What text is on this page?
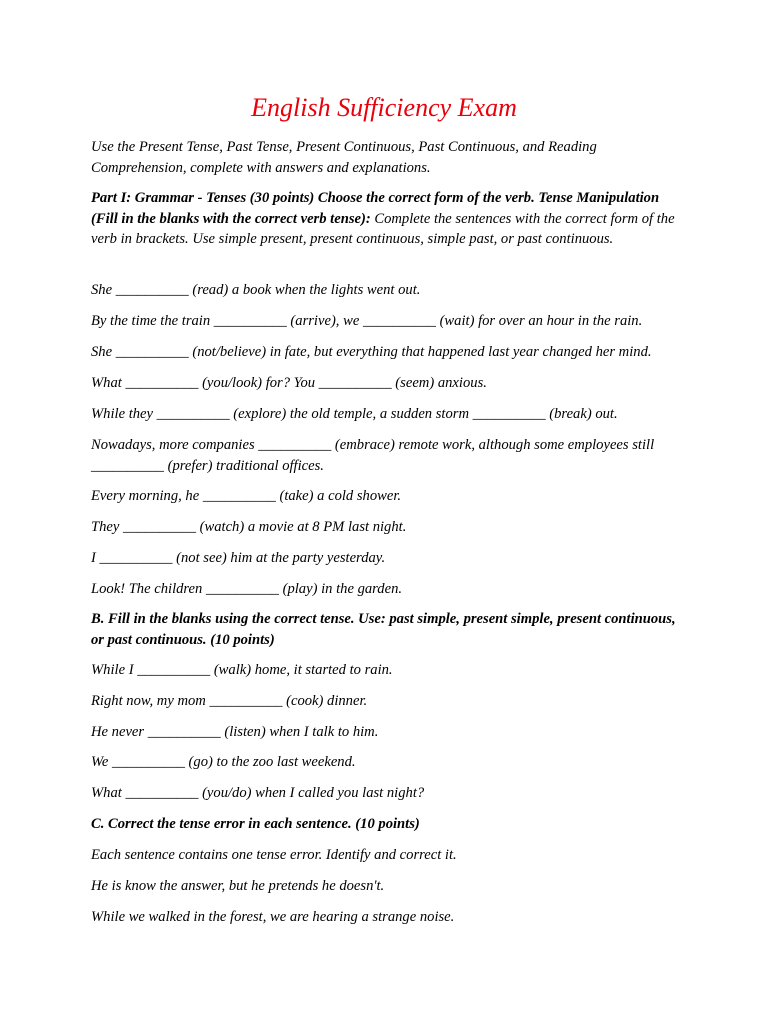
English Sufficiency Exam

Use the Present Tense, Past Tense, Present Continuous, Past Continuous, and Reading Comprehension, complete with answers and explanations.

Part I: Grammar - Tenses (30 points) Choose the correct form of the verb. Tense Manipulation (Fill in the blanks with the correct verb tense): Complete the sentences with the correct form of the verb in brackets. Use simple present, present continuous, simple past, or past continuous.

She __________ (read) a book when the lights went out.

By the time the train __________ (arrive), we __________ (wait) for over an hour in the rain.

She __________ (not/believe) in fate, but everything that happened last year changed her mind.

What __________ (you/look) for? You __________ (seem) anxious.

While they __________ (explore) the old temple, a sudden storm __________ (break) out.

Nowadays, more companies __________ (embrace) remote work, although some employees still __________ (prefer) traditional offices.

Every morning, he __________ (take) a cold shower.

They __________ (watch) a movie at 8 PM last night.

I __________ (not see) him at the party yesterday.

Look! The children __________ (play) in the garden.

B. Fill in the blanks using the correct tense. Use: past simple, present simple, present continuous, or past continuous. (10 points)

While I __________ (walk) home, it started to rain.

Right now, my mom __________ (cook) dinner.

He never __________ (listen) when I talk to him.

We __________ (go) to the zoo last weekend.

What __________ (you/do) when I called you last night?

C. Correct the tense error in each sentence. (10 points)

Each sentence contains one tense error. Identify and correct it.

He is know the answer, but he pretends he doesn't.

While we walked in the forest, we are hearing a strange noise.
